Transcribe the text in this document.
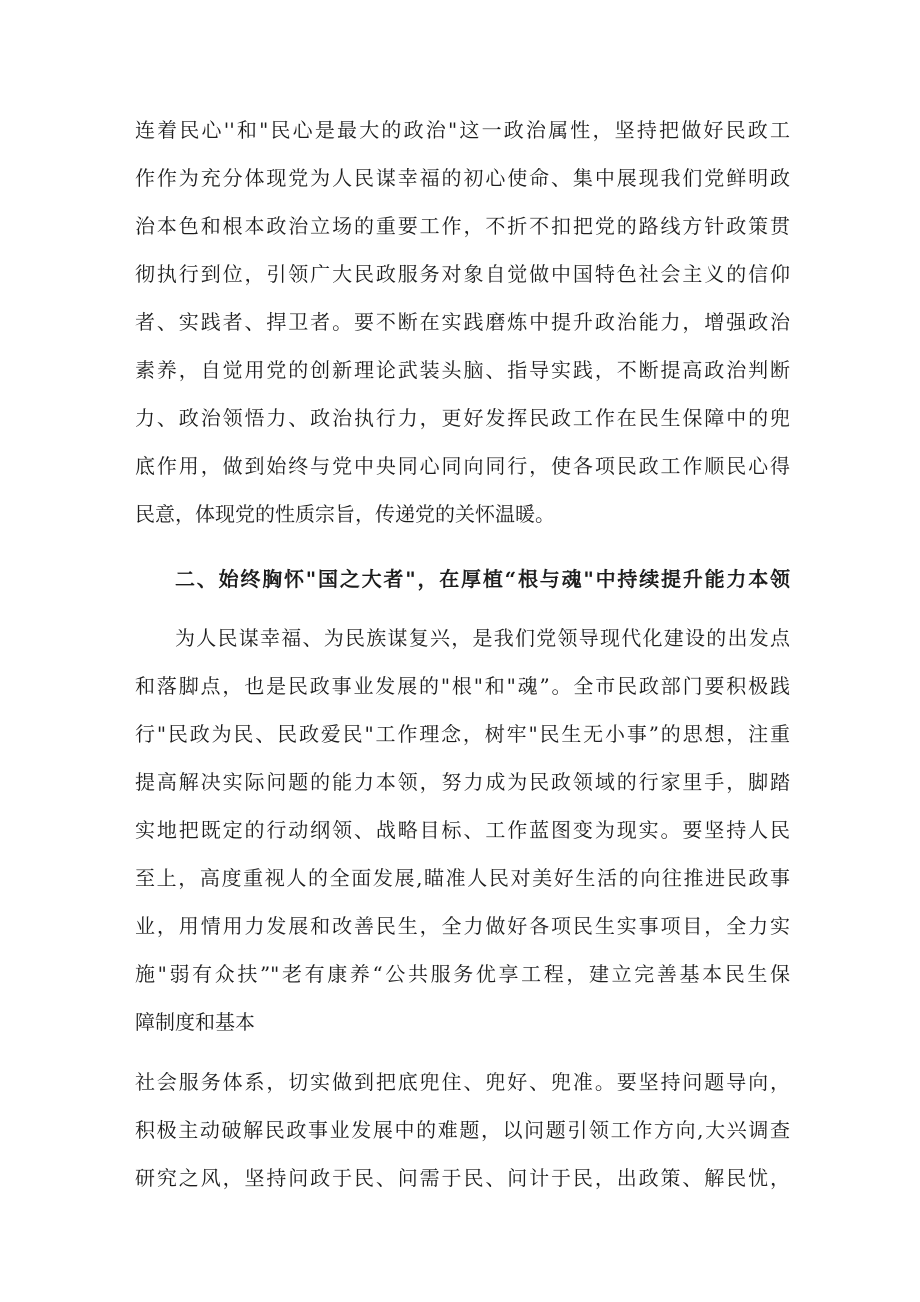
连着民心''和"民心是最大的政治"这一政治属性，坚持把做好民政工
作作为充分体现党为人民谋幸福的初心使命、集中展现我们党鲜明政
治本色和根本政治立场的重要工作，不折不扣把党的路线方针政策贯
彻执行到位，引领广大民政服务对象自觉做中国特色社会主义的信仰
者、实践者、捍卫者。要不断在实践磨炼中提升政治能力，增强政治
素养，自觉用党的创新理论武装头脑、指导实践，不断提高政治判断
力、政治领悟力、政治执行力，更好发挥民政工作在民生保障中的兜
底作用，做到始终与党中央同心同向同行，使各项民政工作顺民心得
民意，体现党的性质宗旨，传递党的关怀温暖。
二、始终胸怀"国之大者"，在厚植“根与魂"中持续提升能力本领
为人民谋幸福、为民族谋复兴，是我们党领导现代化建设的出发点
和落脚点，也是民政事业发展的"根"和"魂”。全市民政部门要积极践
行"民政为民、民政爱民"工作理念，树牢"民生无小事”的思想，注重
提高解决实际问题的能力本领，努力成为民政领域的行家里手，脚踏
实地把既定的行动纲领、战略目标、工作蓝图变为现实。要坚持人民
至上，高度重视人的全面发展,瞄准人民对美好生活的向往推进民政事
业，用情用力发展和改善民生，全力做好各项民生实事项目，全力实
施"弱有众扶”"老有康养“公共服务优享工程，建立完善基本民生保
障制度和基本
社会服务体系，切实做到把底兜住、兜好、兜准。要坚持问题导向，
积极主动破解民政事业发展中的难题，以问题引领工作方向,大兴调查
研究之风，坚持问政于民、问需于民、问计于民，出政策、解民忧，
